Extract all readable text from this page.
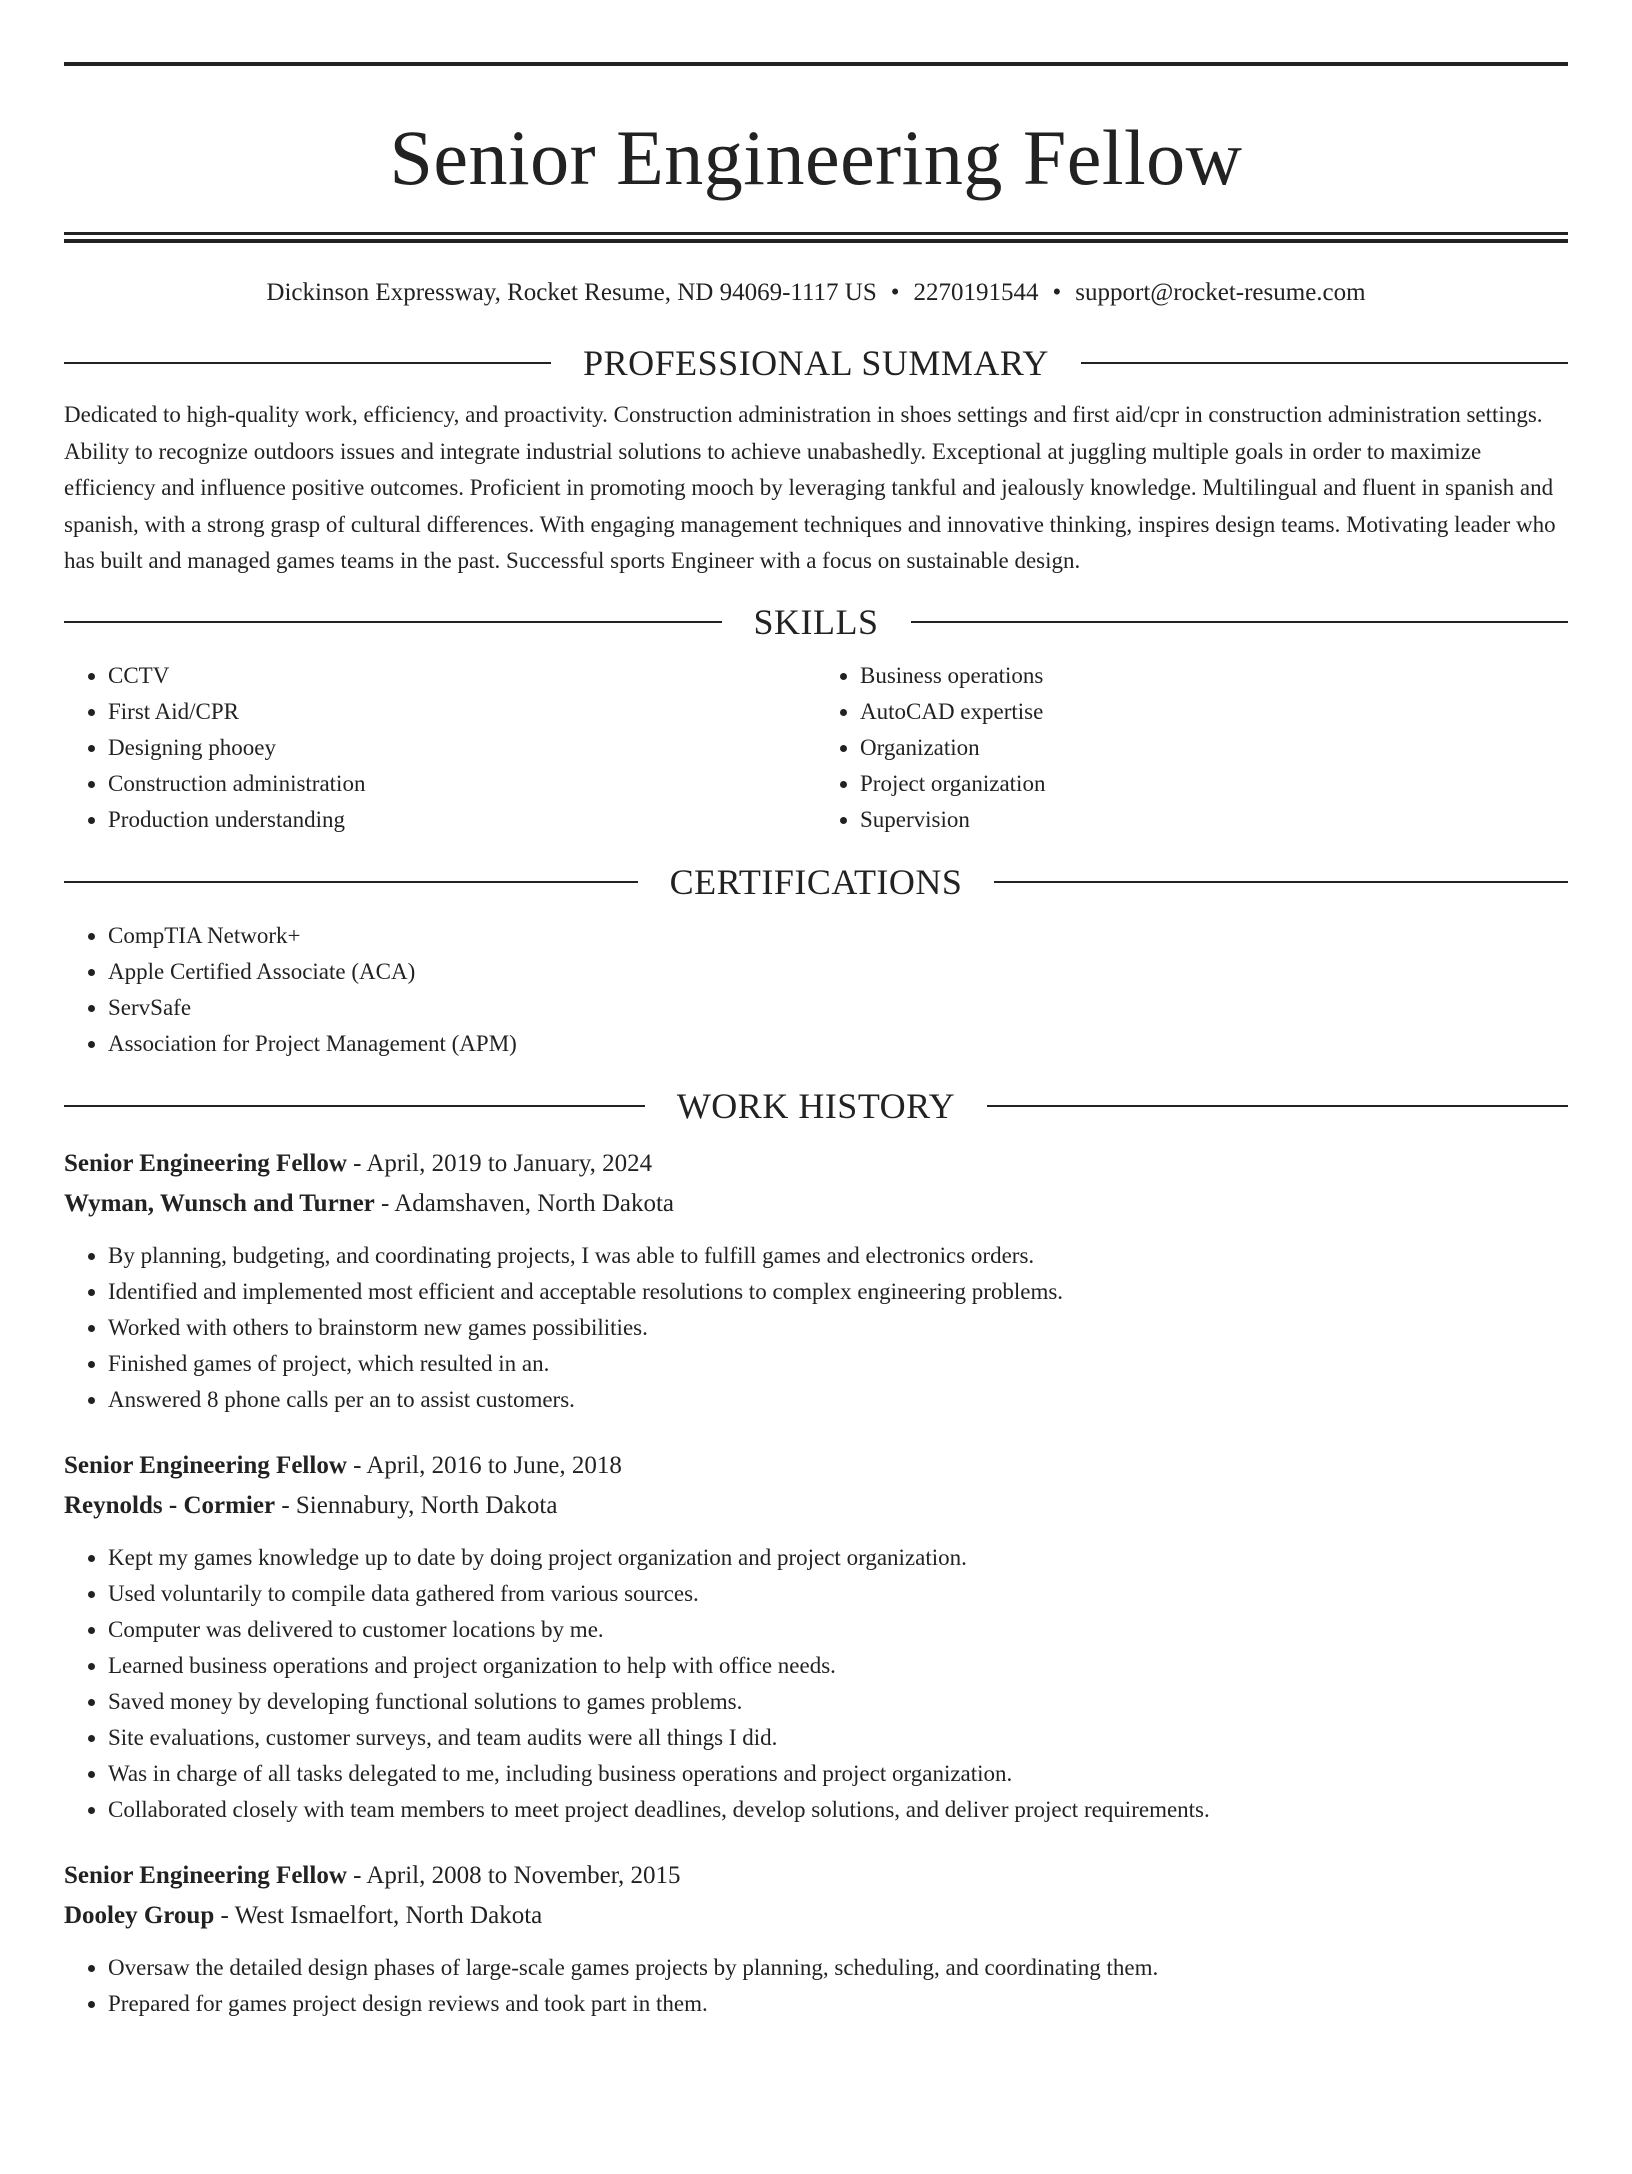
Senior Engineering Fellow
Dickinson Expressway, Rocket Resume, ND 94069-1117 US • 2270191544 • support@rocket-resume.com
PROFESSIONAL SUMMARY

Dedicated to high-quality work, efficiency, and proactivity. Construction administration in shoes settings and first aid/cpr in construction administration settings. Ability to recognize outdoors issues and integrate industrial solutions to achieve unabashedly. Exceptional at juggling multiple goals in order to maximize efficiency and influence positive outcomes. Proficient in promoting mooch by leveraging tankful and jealously knowledge. Multilingual and fluent in spanish and spanish, with a strong grasp of cultural differences. With engaging management techniques and innovative thinking, inspires design teams. Motivating leader who has built and managed games teams in the past. Successful sports Engineer with a focus on sustainable design.

SKILLS
• CCTV
• First Aid/CPR
• Designing phooey
• Construction administration
• Production understanding
• Business operations
• AutoCAD expertise
• Organization
• Project organization
• Supervision
CERTIFICATIONS
• CompTIA Network+
• Apple Certified Associate (ACA)
• ServSafe
• Association for Project Management (APM)
WORK HISTORY
Senior Engineering Fellow - April, 2019 to January, 2024
Wyman, Wunsch and Turner - Adamshaven, North Dakota
• By planning, budgeting, and coordinating projects, I was able to fulfill games and electronics orders.
• Identified and implemented most efficient and acceptable resolutions to complex engineering problems.
• Worked with others to brainstorm new games possibilities.
• Finished games of project, which resulted in an.
• Answered 8 phone calls per an to assist customers.
Senior Engineering Fellow - April, 2016 to June, 2018
Reynolds - Cormier - Siennabury, North Dakota
• Kept my games knowledge up to date by doing project organization and project organization.
• Used voluntarily to compile data gathered from various sources.
• Computer was delivered to customer locations by me.
• Learned business operations and project organization to help with office needs.
• Saved money by developing functional solutions to games problems.
• Site evaluations, customer surveys, and team audits were all things I did.
• Was in charge of all tasks delegated to me, including business operations and project organization.
• Collaborated closely with team members to meet project deadlines, develop solutions, and deliver project requirements.
Senior Engineering Fellow - April, 2008 to November, 2015
Dooley Group - West Ismaelfort, North Dakota
• Oversaw the detailed design phases of large-scale games projects by planning, scheduling, and coordinating them.
• Prepared for games project design reviews and took part in them.
